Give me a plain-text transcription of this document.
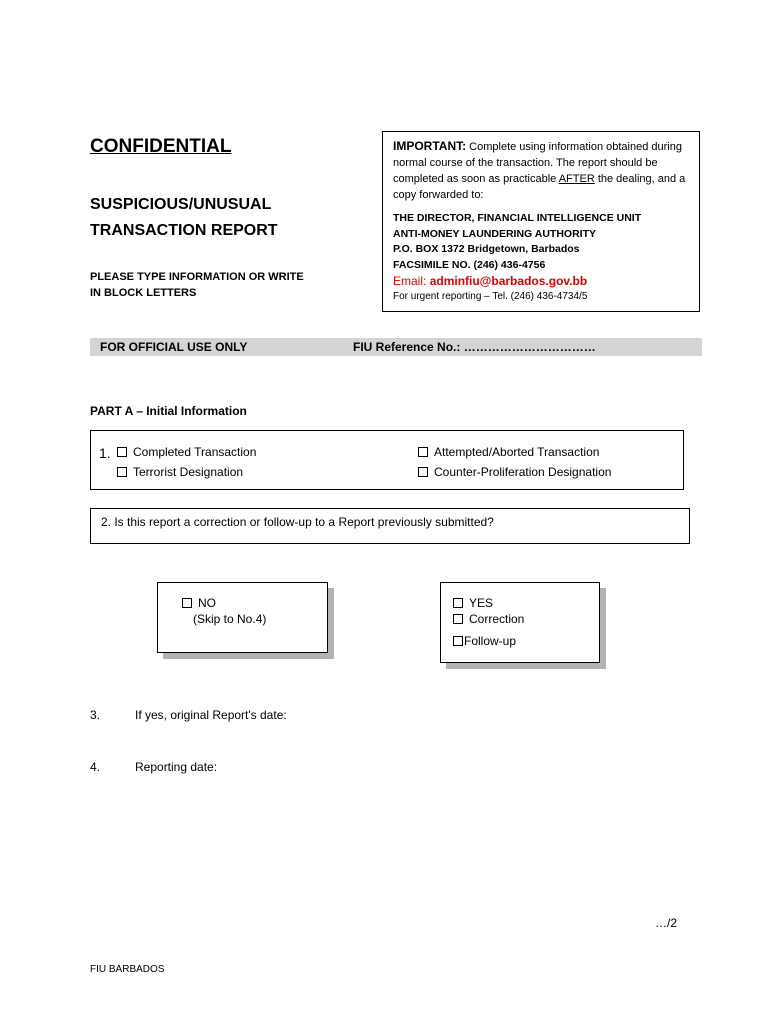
CONFIDENTIAL
SUSPICIOUS/UNUSUAL
TRANSACTION REPORT
PLEASE TYPE INFORMATION OR WRITE
IN BLOCK LETTERS
IMPORTANT: Complete using information obtained during normal course of the transaction. The report should be completed as soon as practicable AFTER the dealing, and a copy forwarded to:
THE DIRECTOR, FINANCIAL INTELLIGENCE UNIT
ANTI-MONEY LAUNDERING AUTHORITY
P.O. BOX 1372 Bridgetown, Barbados
FACSIMILE NO. (246) 436-4756
Email: adminfiu@barbados.gov.bb
For urgent reporting – Tel. (246) 436-4734/5
FOR OFFICIAL USE ONLY	FIU Reference No.: ……………………………
PART A – Initial Information
1.	Completed Transaction
Terrorist Designation
Attempted/Aborted Transaction
Counter-Proliferation Designation
2. Is this report a correction or follow-up to a Report previously submitted?
NO
(Skip to No.4)
YES
Correction
Follow-up
3.	If yes, original Report's date:
4.	Reporting date:
…/2
FIU BARBADOS
